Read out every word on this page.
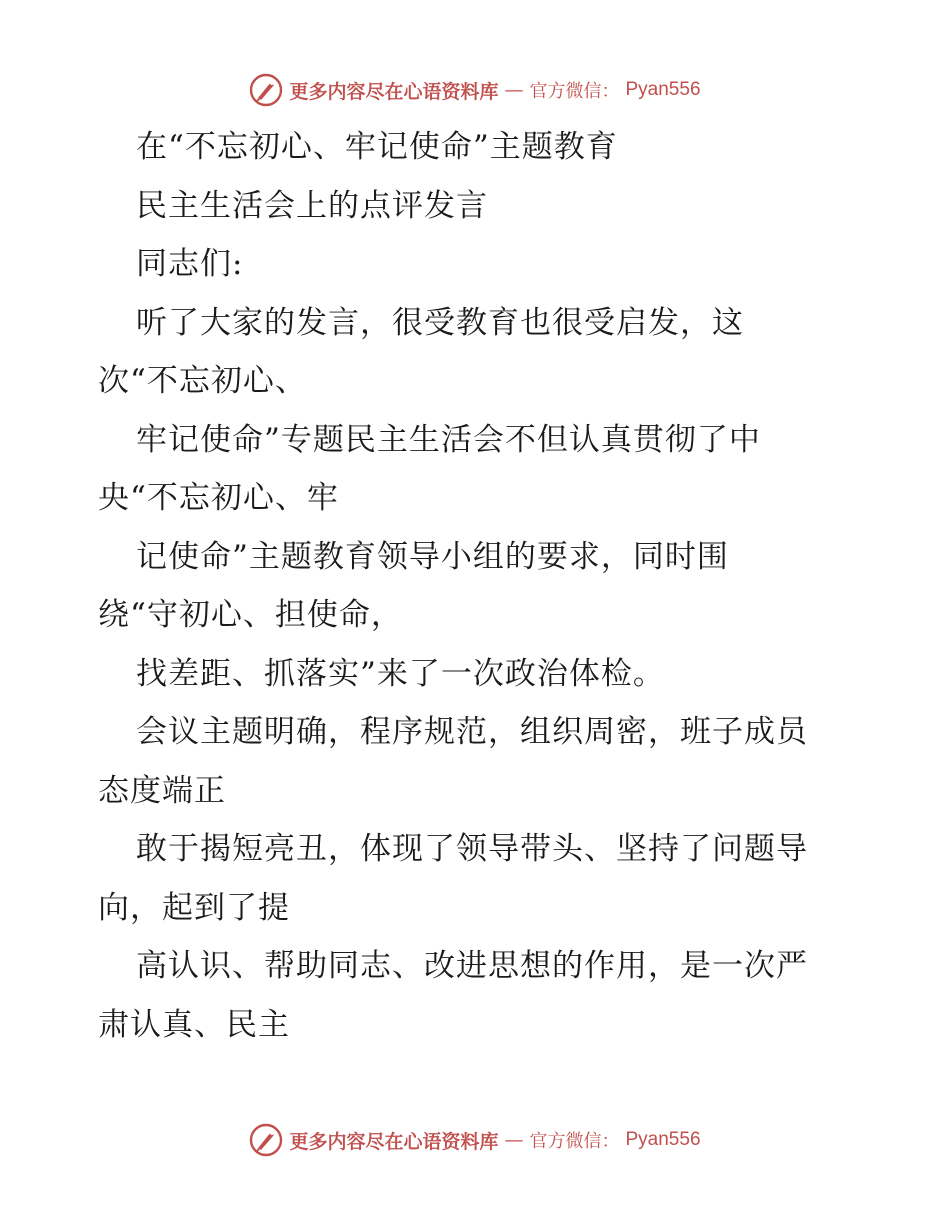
更多内容尽在心语资料库 — 官方微信： Pyan556
在“不忘初心、牢记使命”主题教育
民主生活会上的点评发言
同志们:
听了大家的发言，很受教育也很受启发，这
次“不忘初心、
牢记使命”专题民主生活会不但认真贯彻了中
央“不忘初心、牢
记使命”主题教育领导小组的要求，同时围
绕“守初心、担使命，
找差距、抓落实”来了一次政治体检。
会议主题明确，程序规范，组织周密，班子成员
态度端正
敢于揭短亮丑，体现了领导带头、坚持了问题导
向，起到了提
高认识、帮助同志、改进思想的作用，是一次严
肃认真、民主
更多内容尽在心语资料库 — 官方微信： Pyan556
